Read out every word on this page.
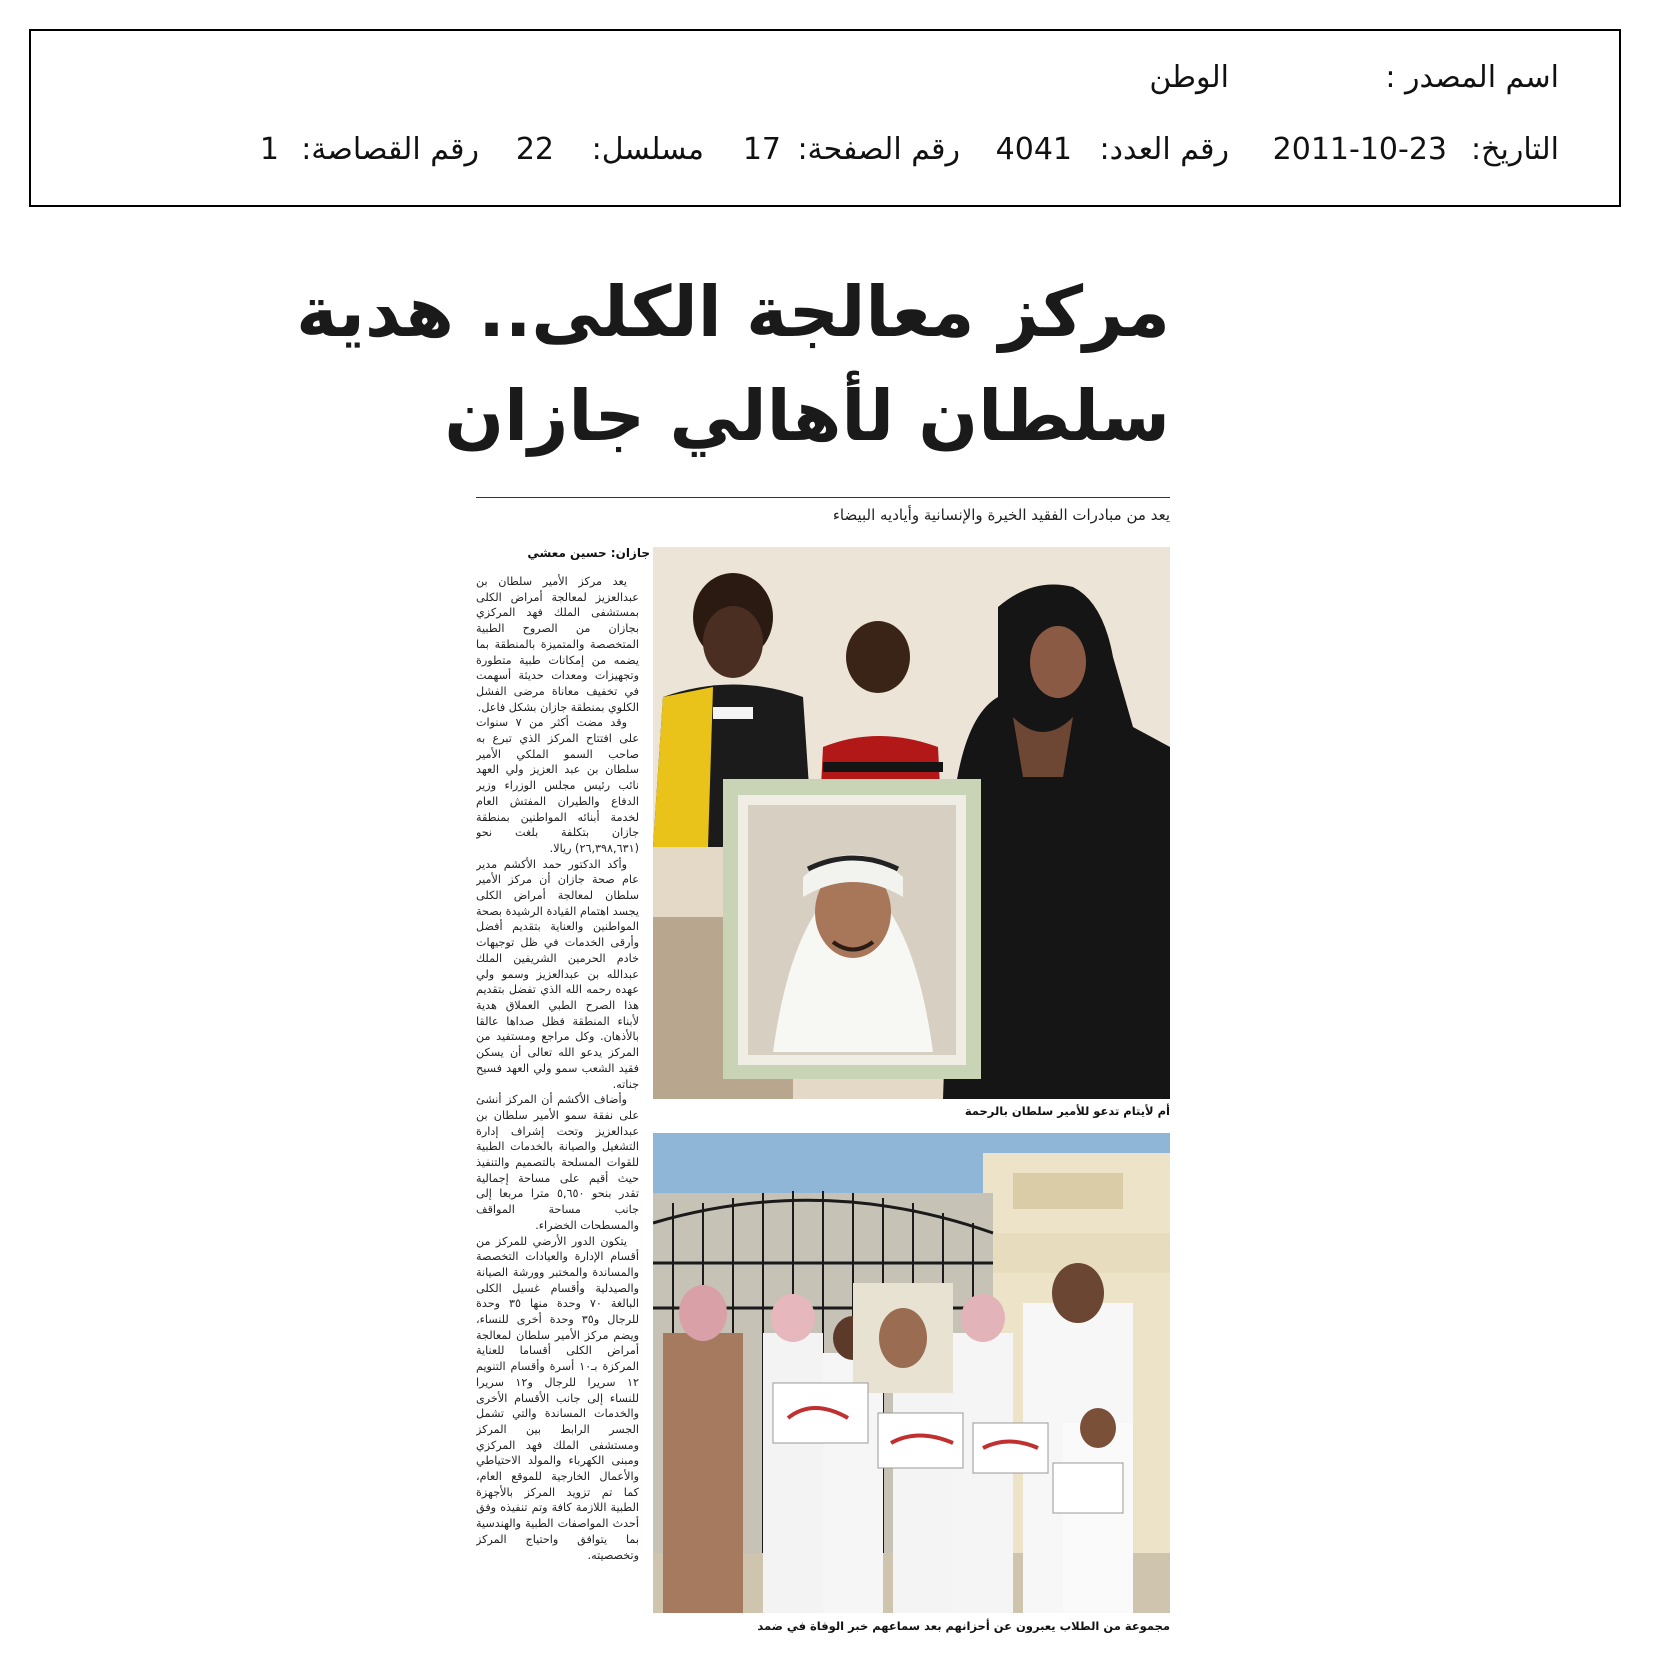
اسم المصدر :
الوطن
التاريخ:
2011-10-23
رقم العدد:
4041
رقم الصفحة:
17
مسلسل:
22
رقم القصاصة:
1
مركز معالجة الكلى.. هدية
سلطان لأهالي جازان
يعد من مبادرات الفقيد الخيرة والإنسانية وأياديه البيضاء
جازان: حسين معشي

يعد مركز الأمير سلطان بن عبدالعزيز لمعالجة أمراض الكلى بمستشفى الملك فهد المركزي بجازان من الصروح الطبية المتخصصة والمتميزة بالمنطقة بما يضمه من إمكانات طبية متطورة وتجهيزات ومعدات حديثة أسهمت في تخفيف معاناة مرضى الفشل الكلوي بمنطقة جازان بشكل فاعل.

وقد مضت أكثر من ٧ سنوات على افتتاح المركز الذي تبرع به صاحب السمو الملكي الأمير سلطان بن عبد العزيز ولي العهد نائب رئيس مجلس الوزراء وزير الدفاع والطيران المفتش العام لخدمة أبنائه المواطنين بمنطقة جازان بتكلفة بلغت نحو (٢٦,٣٩٨,٦٣١) ريالا.

وأكد الدكتور حمد الأكشم مدير عام صحة جازان أن مركز الأمير سلطان لمعالجة أمراض الكلى يجسد اهتمام القيادة الرشيدة بصحة المواطنين والعناية بتقديم أفضل وأرقى الخدمات في ظل توجيهات خادم الحرمين الشريفين الملك عبدالله بن عبدالعزيز وسمو ولي عهده رحمه الله الذي تفضل بتقديم هذا الصرح الطبي العملاق هدية لأبناء المنطقة فظل صداها عالقا بالأذهان. وكل مراجع ومستفيد من المركز يدعو الله تعالى أن يسكن فقيد الشعب سمو ولي العهد فسيح جناته.

وأضاف الأكشم أن المركز أنشئ على نفقة سمو الأمير سلطان بن عبدالعزيز وتحت إشراف إدارة التشغيل والصيانة بالخدمات الطبية للقوات المسلحة بالتصميم والتنفيذ حيث أقيم على مساحة إجمالية تقدر بنحو ٥,٦٥٠ مترا مربعا إلى جانب مساحة المواقف والمسطحات الخضراء.

يتكون الدور الأرضي للمركز من أقسام الإدارة والعيادات التخصصة والمساندة والمختبر وورشة الصيانة والصيدلية وأقسام غسيل الكلى البالغة ٧٠ وحدة منها ٣٥ وحدة للرجال و٣٥ وحدة أخرى للنساء، ويضم مركز الأمير سلطان لمعالجة أمراض الكلى أقساما للعناية المركزة بـ١٠ أسرة وأقسام التنويم ١٢ سريرا للرجال و١٢ سريرا للنساء إلى جانب الأقسام الأخرى والخدمات المساندة والتي تشمل الجسر الرابط بين المركز ومستشفى الملك فهد المركزي ومبنى الكهرباء والمولد الاحتياطي والأعمال الخارجية للموقع العام، كما تم تزويد المركز بالأجهزة الطبية اللازمة كافة وتم تنفيذه وفق أحدث المواصفات الطبية والهندسية بما يتوافق واحتياج المركز وتخصصيته.

أم لأيتام تدعو للأمير سلطان بالرحمة
مجموعة من الطلاب يعبرون عن أحزانهم بعد سماعهم خبر الوفاة في ضمد
